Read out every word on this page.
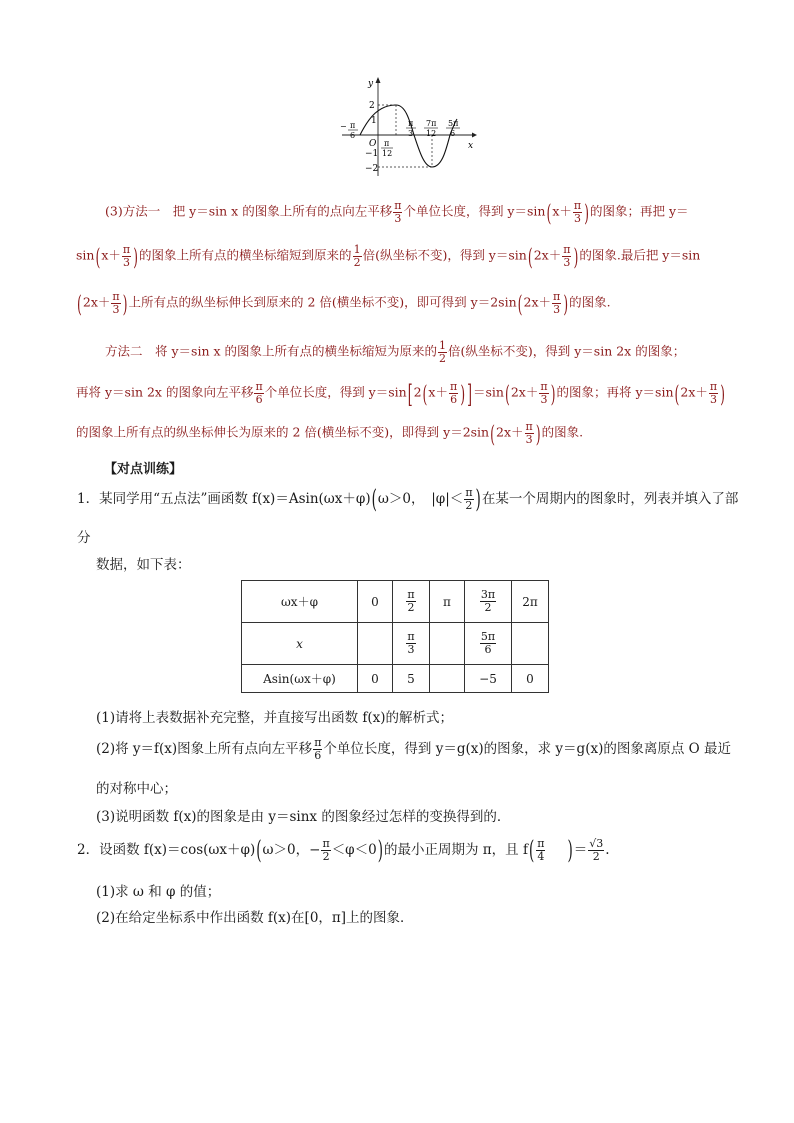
y
x
O
2
1
−1
−2
− π
6
π
12
π
3
7π
12
5π
6
(3)方法一　把 y＝sin x 的图象上所有的点向左平移 $\frac{\pi}{3}$ 个单位长度，得到 $y=\sin(x+ \frac{\pi}{3}$ )的图象；再把 y＝
$\sin(x+ \frac{\pi}{3}$ )的图象上所有点的横坐标缩短到原来的 $\frac{1}{2}$ 倍(纵坐标不变)，得到 $y=\sin(2x+ \frac{\pi}{3}$ )的图象.最后把 y＝sin
($2x+ \frac{\pi}{3}$ )上所有点的纵坐标伸长到原来的 2 倍(横坐标不变)，即可得到 $y=2\sin(2x+ \frac{\pi}{3}$ )的图象.
方法二　将 y＝sin x 的图象上所有点的横坐标缩短为原来的 $\frac{1}{2}$ 倍(纵坐标不变)，得到 y＝sin 2x 的图象；
再将 y＝sin 2x 的图象向左平移 $\frac{\pi}{6}$ 个单位长度，得到 $y=\sin[2(x+ \frac{\pi}{6}$ ) ]$=\sin(2x+ \frac{\pi}{3}$ )的图象；再将 $y=\sin(2x+ \frac{\pi}{3}$ )
的图象上所有点的纵坐标伸长为原来的 2 倍(横坐标不变)，即得到 $y=2\sin(2x+ \frac{\pi}{3}$ )的图象.
【对点训练】
1．某同学用“五点法”画函数 f(x)＝Asin(ωx＋φ)(ω＞0，　$|\varphi|< \frac{\pi}{2}$ )在某一个周期内的图象时，列表并填入了部
分
数据，如下表：
ωx＋φ	0	$\frac{\pi}{2}$	π	$\frac{3\pi}{2}$	2π
x		$\frac{\pi}{3}$		$\frac{5\pi}{6}$

Asin(ωx＋φ)	0	5		−5	0
(1)请将上表数据补充完整，并直接写出函数 f(x)的解析式；
(2)将 y＝f(x)图象上所有点向左平移 $\frac{\pi}{6}$ 个单位长度，得到 y＝g(x)的图象，求 y＝g(x)的图象离原点 O 最近
的对称中心；
(3)说明函数 f(x)的图象是由 y＝sinx 的图象经过怎样的变换得到的．
2．设函数 f(x)＝cos(ωx＋φ)(ω＞0，− $\frac{\pi}{2} <\varphi<0$)的最小正周期为 π，且 $f( \frac{\pi}{4}$ )＝ $\frac{√3}{2}$ .
(1)求 ω 和 φ 的值；
(2)在给定坐标系中作出函数 f(x)在[0，π]上的图象．
